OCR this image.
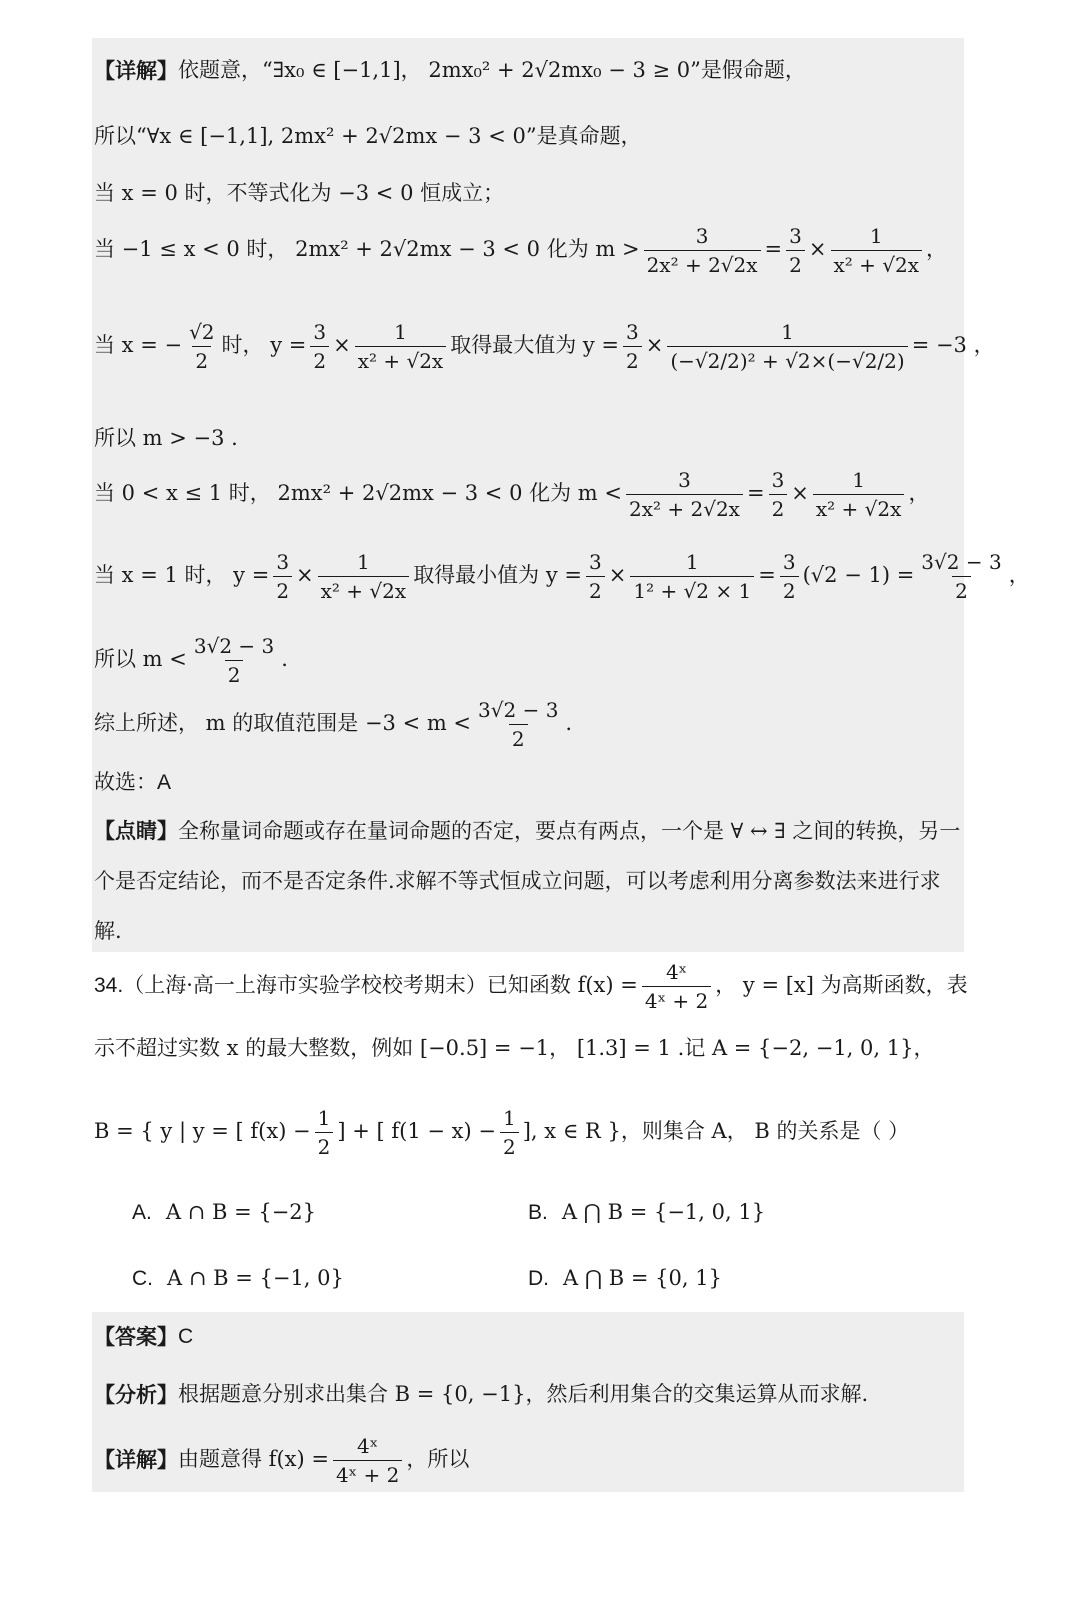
【详解】 依题意，“∃x₀ ∈ [−1,1]， 2mx₀² + 2√2mx₀ − 3 ≥ 0”是假命题，
所以“∀x ∈ [−1,1], 2mx² + 2√2mx − 3 < 0”是真命题，
当 x = 0 时，不等式化为 −3 < 0 恒成立；
当 −1 ≤ x < 0 时， 2mx² + 2√2mx − 3 < 0 化为 $m > \frac{3}{\text{2x² + 2√2x}} = \frac{3}{2} \times \frac{1}{\text{x² + √2x}}$ ，
当 x = − $\frac{√2}{2}$ 时， $y = \frac{3}{2} \times \frac{1}{\text{x² + √2x}}$ 取得最大值为 $y = \frac{3}{2} \times \frac{1}{\text{(−√2/2)² + √2×(−√2/2)}} = -3$ ，
所以 m > −3 .
当 0 < x ≤ 1 时， 2mx² + 2√2mx − 3 < 0 化为 $m < \frac{3}{\text{2x² + 2√2x}} = \frac{3}{2} \times \frac{1}{\text{x² + √2x}}$ ，
当 x = 1 时， $y = \frac{3}{2} \times \frac{1}{\text{x² + √2x}}$ 取得最小值为 $y = \frac{3}{2} \times \frac{1}{\text{1² + √2 × 1}} = \frac{3}{2} (√2 - 1) = \frac{3√2 - 3}{2}$ ，
所以 $m < \frac{3√2 - 3}{2}$ .
综上所述， m 的取值范围是 $-3 < m < \frac{3√2 - 3}{2}$ .
故选：A
【点睛】全称量词命题或存在量词命题的否定，要点有两点，一个是 ∀ ↔ ∃ 之间的转换，另一个是否定结论，而不是否定条件.求解不等式恒成立问题，可以考虑利用分离参数法来进行求解.
34. （上海·高一上海市实验学校校考期末） 已知函数 $f(x) = \frac{\text{4ˣ}}{\text{4ˣ + 2}}$ ， y = [x] 为高斯函数，表
示不超过实数 x 的最大整数，例如 [−0.5] = −1， [1.3] = 1 .记 A = {−2, −1, 0, 1}，
B = { y | y = [ $f(x) - \frac{1}{2}$ ] + [ $f(1 - x) - \frac{1}{2}$ ], x ∈ R } ，则集合 A， B 的关系是（ ）
A. A ∩ B = {−2}	B. A ⋂ B = {−1, 0, 1}
C. A ∩ B = {−1, 0}	D. A ⋂ B = {0, 1}
【答案】 C
【分析】 根据题意分别求出集合 B = {0, −1}，然后利用集合的交集运算从而求解.
【详解】 由题意得 $f(x) = \frac{\text{4ˣ}}{\text{4ˣ + 2}}$ ，所以
